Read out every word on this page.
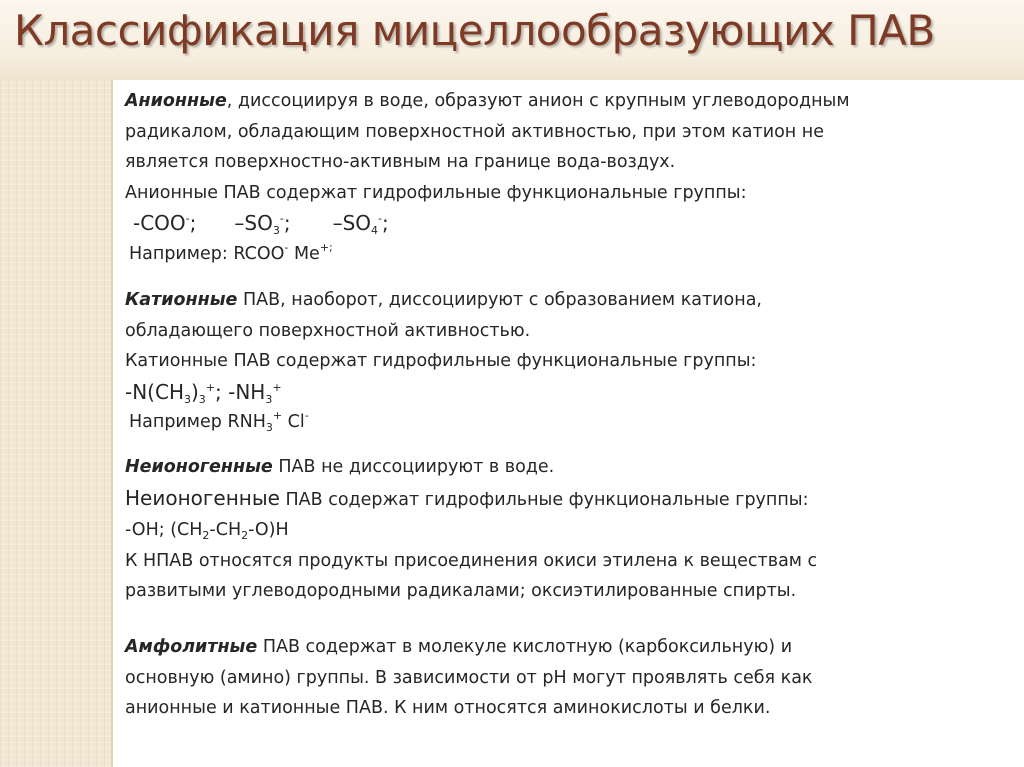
Классификация мицеллообразующих ПАВ
Анионные, диссоциируя в воде, образуют анион с крупным углеводородным
радикалом, обладающим поверхностной активностью, при этом катион не
является поверхностно-активным на границе вода-воздух.
Анионные ПАВ содержат гидрофильные функциональные группы:
-COO-; $-SO_3^-$; $-SO_4^-$;
Например: RCOO- Me+;
Катионные ПАВ, наоборот, диссоциируют с образованием катиона,
обладающего поверхностной активностью.
Катионные ПАВ содержат гидрофильные функциональные группы:
$-N(CH_3)_3^+$; $-NH_3^+$
Например $RNH_3^+$ Cl-
Неионогенные ПАВ не диссоциируют в воде.
Неионогенные ПАВ содержат гидрофильные функциональные группы:
-OH; $(CH_2-CH_2-O)H$
К НПАВ относятся продукты присоединения окиси этилена к веществам с
развитыми углеводородными радикалами; оксиэтилированные спирты.
Амфолитные ПАВ содержат в молекуле кислотную (карбоксильную) и
основную (амино) группы. В зависимости от pH могут проявлять себя как
анионные и катионные ПАВ. К ним относятся аминокислоты и белки.
